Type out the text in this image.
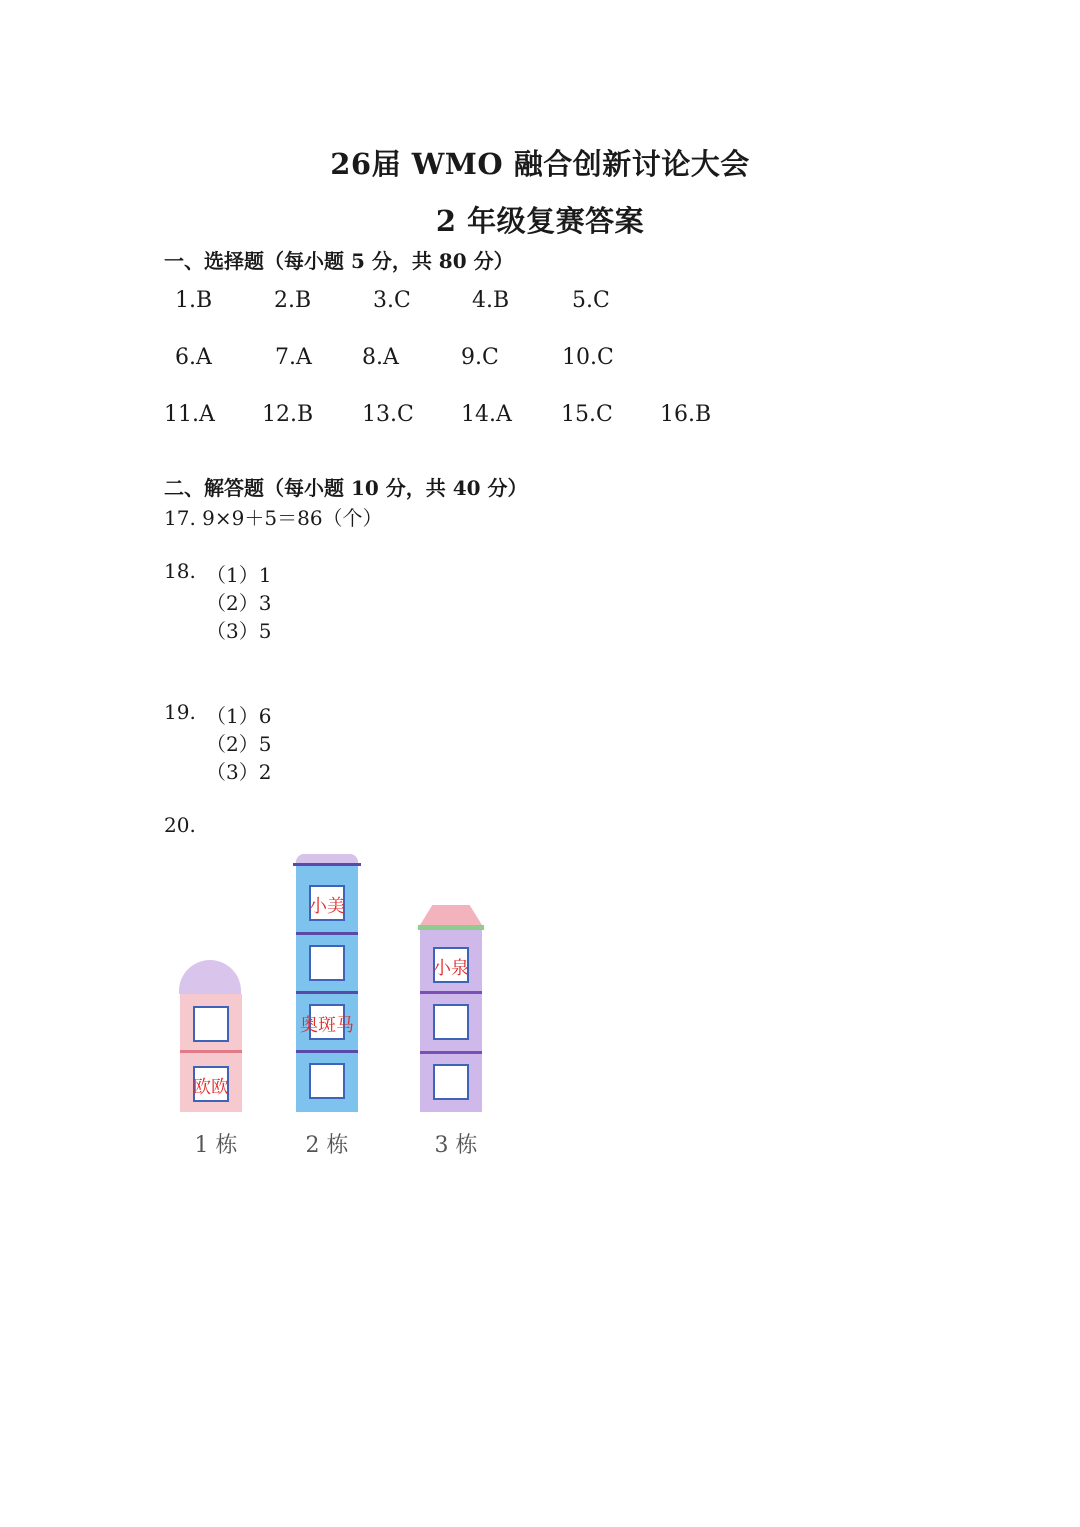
26届 WMO 融合创新讨论大会
2 年级复赛答案
一、选择题（每小题 5 分，共 80 分）
1.B	2.B	3.C	4.B	5.C
6.A	7.A 8.A	9.C	10.C
11.A 12.B 13.C 14.A 15.C 16.B
二、解答题（每小题 10 分，共 40 分）
17. 9×9＋5＝86（个）
18. （1）1
（2）3
（3）5
19. （1）6
（2）5
（3）2
20.
欧欧
1 栋
小美
奥斑马
2 栋
小泉
3 栋
